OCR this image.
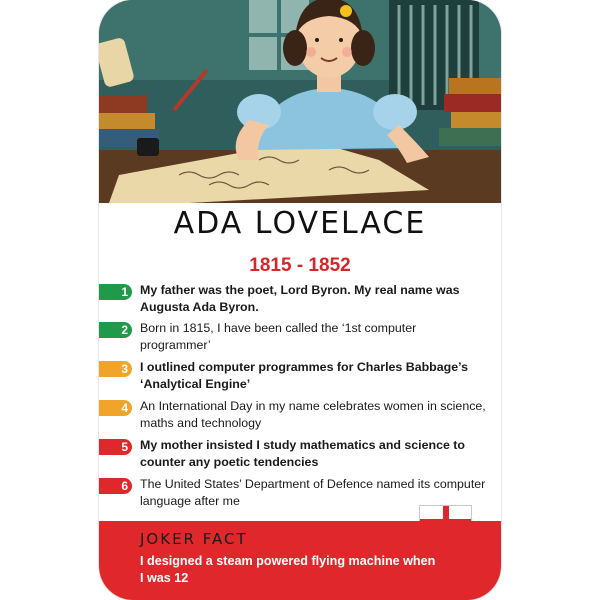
ADA LOVELACE
1815 - 1852
1 My father was the poet, Lord Byron. My real name was Augusta Ada Byron.
2 Born in 1815, I have been called the ‘1st computer programmer’
3 I outlined computer programmes for Charles Babbage’s ‘Analytical Engine’
4 An International Day in my name celebrates women in science, maths and technology
5 My mother insisted I study mathematics and science to counter any poetic tendencies
6 The United States’ Department of Defence named its computer language after me
JOKER FACT
I designed a steam powered flying machine when I was 12
